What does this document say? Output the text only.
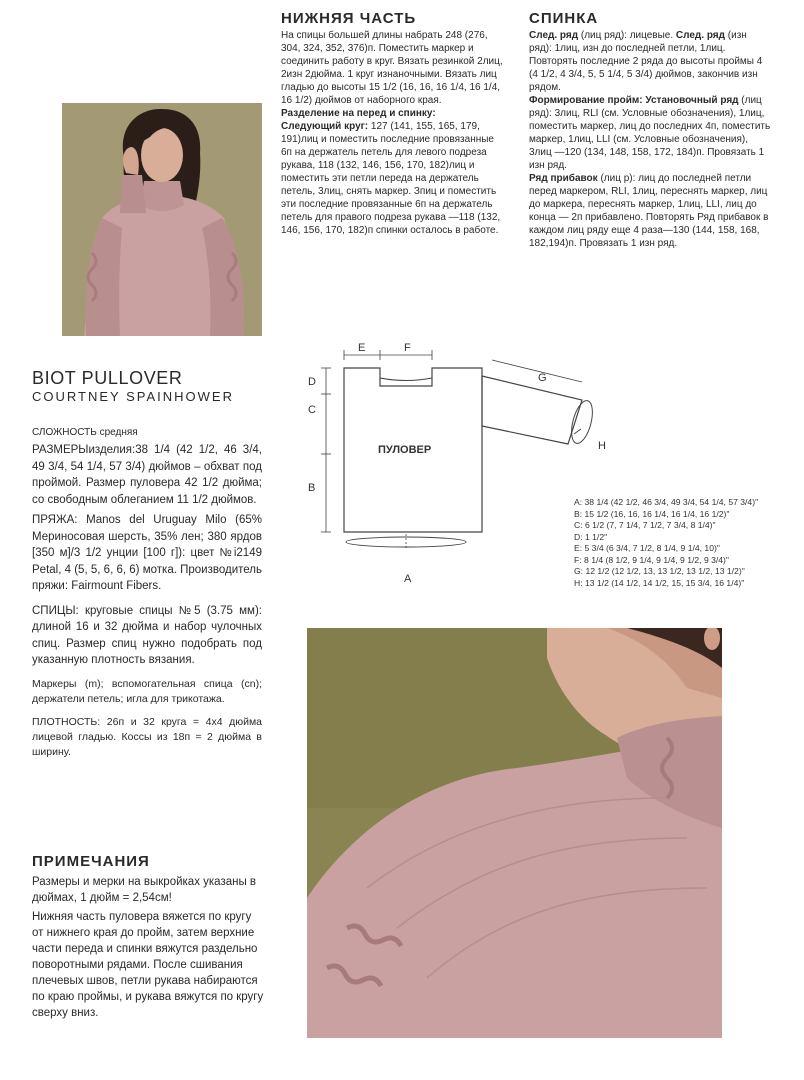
НИЖНЯЯ ЧАСТЬ

На спицы большей длины набрать 248 (276, 304, 324, 352, 376)п. Поместить маркер и соединить работу в круг. Вязать резинкой 2лиц, 2изн 2дюйма. 1 круг изнаночными. Вязать лиц гладью до высоты 15 1/2 (16, 16, 16 1/4, 16 1/4, 16 1/2) дюймов от наборного края.

Разделение на перед и спинку:

Следующий круг: 127 (141, 155, 165, 179, 191)лиц и поместить последние провязанные 6п на держатель петель для левого подреза рукава, 118 (132, 146, 156, 170, 182)лиц и поместить эти петли переда на держатель петель, 3лиц, снять маркер. Зпиц и поместить эти последние провязанные 6п на держатель петель для правого подреза рукава —118 (132, 146, 156, 170, 182)п спинки осталось в работе.

СПИНКА

След. ряд (лиц ряд): лицевые. След. ряд (изн ряд): 1лиц, изн до последней петли, 1лиц. Повторять последние 2 ряда до высоты проймы 4 (4 1/2, 4 3/4, 5, 5 1/4, 5 3/4) дюймов, закончив изн рядом.

Формирование пройм: Установочный ряд (лиц ряд): 3лиц, RLI (см. Условные обозначения), 1лиц, поместить маркер, лиц до последних 4п, поместить маркер, 1лиц, LLI (см. Условные обозначения), 3лиц —120 (134, 148, 158, 172, 184)п. Провязать 1 изн ряд.

Ряд прибавок (лиц р): лиц до последней петли перед маркером, RLI, 1лиц, переснять маркер, лиц до маркера, переснять маркер, 1лиц, LLI, лиц до конца — 2п прибавлено. Повторять Ряд прибавок в каждом лиц ряду еще 4 раза—130 (144, 158, 168, 182,194)п. Провязать 1 изн ряд.

BIOT PULLOVER
COURTNEY SPAINHOWER

СЛОЖНОСТЬ средняя

РАЗМЕРЫизделия:38 1/4 (42 1/2, 46 3/4, 49 3/4, 54 1/4, 57 3/4) дюймов – обхват под проймой. Размер пуловера 42 1/2 дюйма; со свободным облеганием 11 1/2 дюймов.

ПРЯЖА: Manos del Uruguay Milo (65% Мериносовая шерсть, 35% лен; 380 ярдов [350 м]/3 1/2 унции [100 г]): цвет №i2149 Petal, 4 (5, 5, 6, 6, 6) мотка. Производитель пряжи: Fairmount Fibers.

СПИЦЫ: круговые спицы №5 (3.75 мм): длиной 16 и 32 дюйма и набор чулочных спиц. Размер спиц нужно подобрать под указанную плотность вязания.

Маркеры (m); вспомогательная спица (cn); держатели петель; игла для трикотажа.

ПЛОТНОСТЬ: 26п и 32 круга = 4x4 дюйма лицевой гладью. Коссы из 18п = 2 дюйма в ширину.

ПРИМЕЧАНИЯ

Размеры и мерки на выкройках указаны в дюймах, 1 дюйм = 2,54см!

Нижняя часть пуловера вяжется по кругу от нижнего края до пройм, затем верхние части переда и спинки вяжутся раздельно поворотными рядами. После сшивания плечевых швов, петли рукава набираются по краю проймы, и рукава вяжутся по кругу сверху вниз.

ПУЛОВЕР
E	F
D
C
B
G
H
A
A: 38 1/4 (42 1/2, 46 3/4, 49 3/4, 54 1/4, 57 3/4)"
B: 15 1/2 (16, 16, 16 1/4, 16 1/4, 16 1/2)"
C: 6 1/2 (7, 7 1/4, 7 1/2, 7 3/4, 8 1/4)"
D: 1 1/2"
E: 5 3/4 (6 3/4, 7 1/2, 8 1/4, 9 1/4, 10)"
F: 8 1/4 (8 1/2, 9 1/4, 9 1/4, 9 1/2, 9 3/4)"
G: 12 1/2 (12 1/2, 13, 13 1/2, 13 1/2, 13 1/2)"
H: 13 1/2 (14 1/2, 14 1/2, 15, 15 3/4, 16 1/4)"
